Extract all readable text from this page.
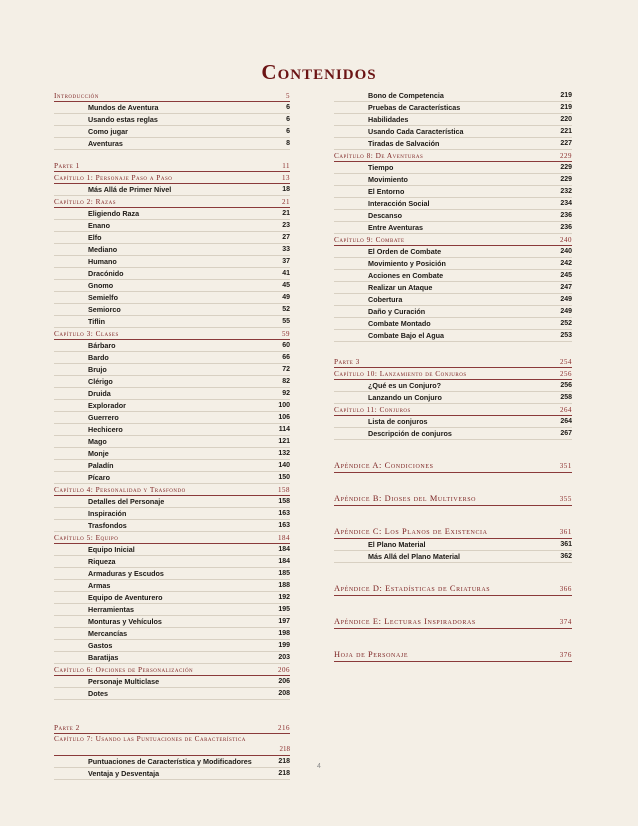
Contenidos
Introducción	5
Mundos de Aventura	6
Usando estas reglas	6
Como jugar	6
Aventuras	8
Parte 1	11
Capítulo 1: Personaje Paso a Paso	13
Más Allá de Primer Nivel	18
Capítulo 2: Razas	21
Eligiendo Raza	21
Enano	23
Elfo	27
Mediano	33
Humano	37
Dracónido	41
Gnomo	45
Semielfo	49
Semiorco	52
Tiflin	55
Capítulo 3: Clases	59
Bárbaro	60
Bardo	66
Brujo	72
Clérigo	82
Druida	92
Explorador	100
Guerrero	106
Hechicero	114
Mago	121
Monje	132
Paladín	140
Pícaro	150
Capítulo 4: Personalidad y Trasfondo	158
Detalles del Personaje	158
Inspiración	163
Trasfondos	163
Capítulo 5: Equipo	184
Equipo Inicial	184
Riqueza	184
Armaduras y Escudos	185
Armas	188
Equipo de Aventurero	192
Herramientas	195
Monturas y Vehículos	197
Mercancías	198
Gastos	199
Baratijas	203
Capítulo 6: Opciones de Personalización	206
Personaje Multiclase	206
Dotes	208
Parte 2	216
Capítulo 7: Usando las Puntuaciones de Característica
218
Puntuaciones de Característica y Modificadores	218
Ventaja y Desventaja	218
Bono de Competencia	219
Pruebas de Características	219
Habilidades	220
Usando Cada Característica	221
Tiradas de Salvación	227
Capítulo 8: De Aventuras	229
Tiempo	229
Movimiento	229
El Entorno	232
Interacción Social	234
Descanso	236
Entre Aventuras	236
Capítulo 9: Combate	240
El Orden de Combate	240
Movimiento y Posición	242
Acciones en Combate	245
Realizar un Ataque	247
Cobertura	249
Daño y Curación	249
Combate Montado	252
Combate Bajo el Agua	253
Parte 3	254
Capítulo 10: Lanzamiento de Conjuros	256
¿Qué es un Conjuro?	256
Lanzando un Conjuro	258
Capítulo 11: Conjuros	264
Lista de conjuros	264
Descripción de conjuros	267
Apéndice A: Condiciones	351
Apéndice B: Dioses del Multiverso	355
Apéndice C: Los Planos de Existencia	361
El Plano Material	361
Más Allá del Plano Material	362
Apéndice D: Estadísticas de Criaturas	366
Apéndice E: Lecturas Inspiradoras	374
Hoja de Personaje	376
4
